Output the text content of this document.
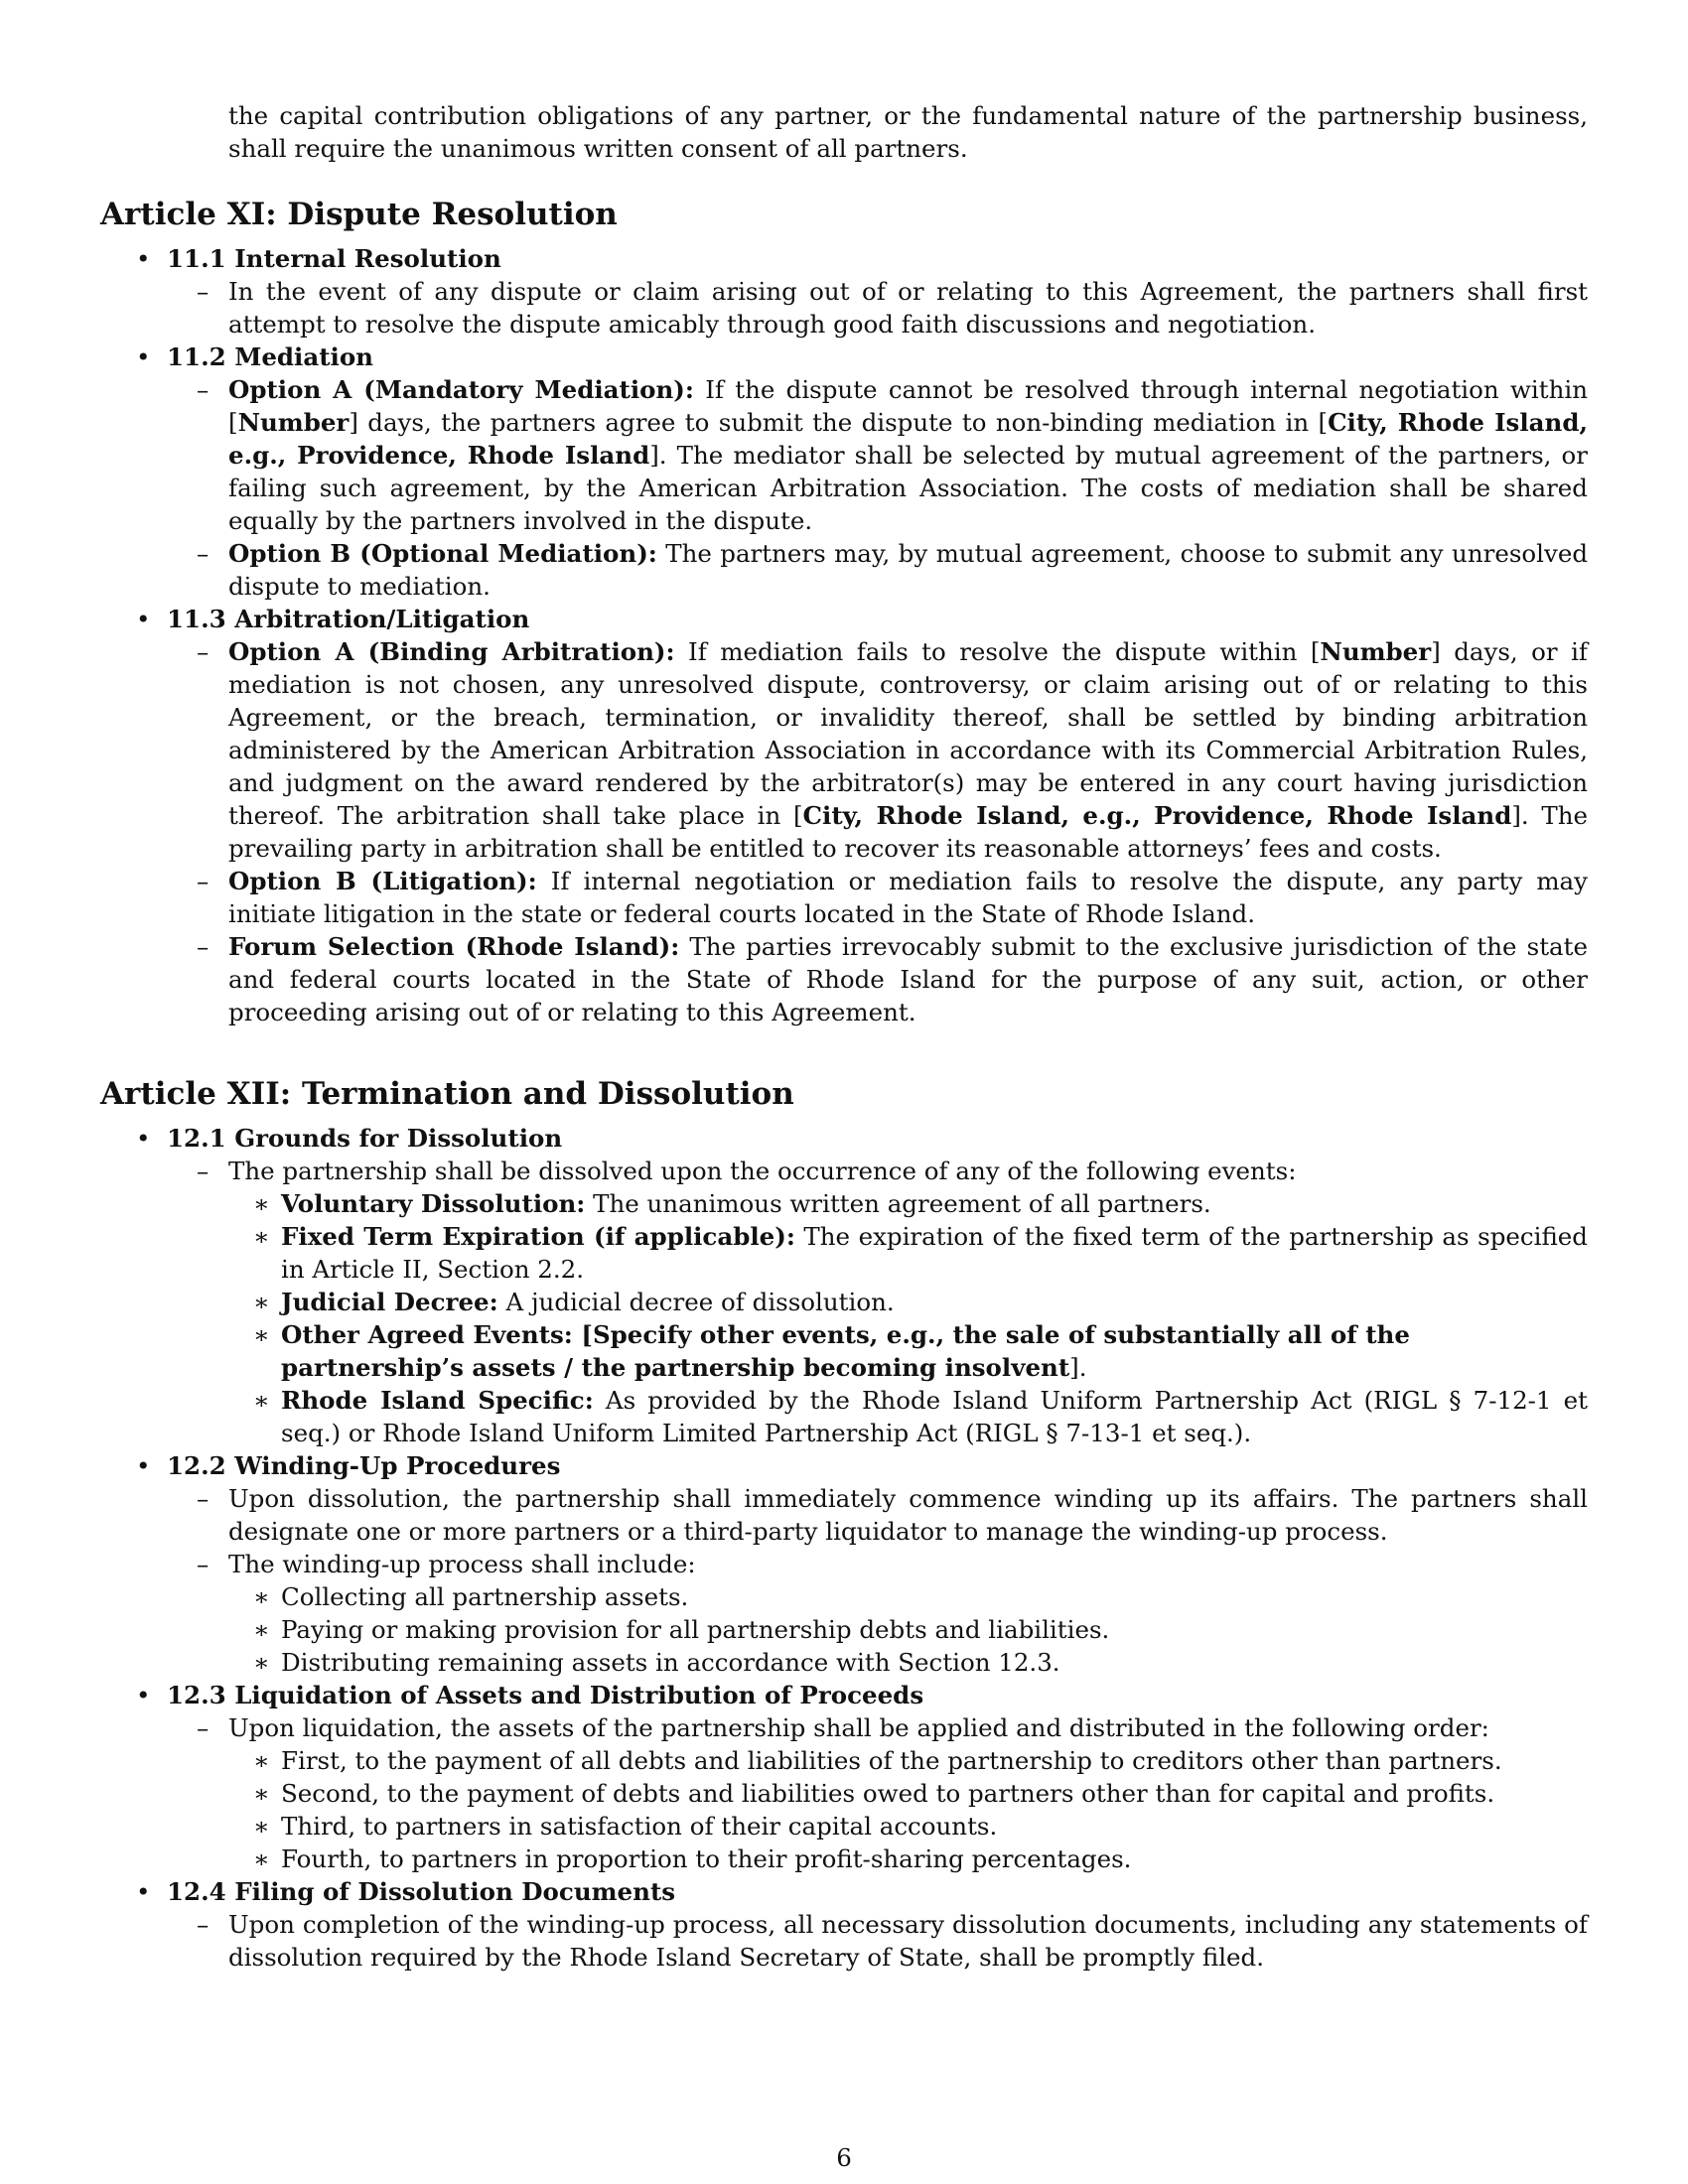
the capital contribution obligations of any partner, or the fundamental nature of the partnership business, shall require the unanimous written consent of all partners.
Article XI: Dispute Resolution
• 11.1 Internal Resolution
– In the event of any dispute or claim arising out of or relating to this Agreement, the partners shall first attempt to resolve the dispute amicably through good faith discussions and negotiation.
• 11.2 Mediation
– Option A (Mandatory Mediation): If the dispute cannot be resolved through internal negotiation within [Number] days, the partners agree to submit the dispute to non-binding mediation in [City, Rhode Island, e.g., Providence, Rhode Island]. The mediator shall be selected by mutual agreement of the partners, or failing such agreement, by the American Arbitration Association. The costs of mediation shall be shared equally by the partners involved in the dispute.
– Option B (Optional Mediation): The partners may, by mutual agreement, choose to submit any unresolved dispute to mediation.
• 11.3 Arbitration/Litigation
– Option A (Binding Arbitration): If mediation fails to resolve the dispute within [Number] days, or if mediation is not chosen, any unresolved dispute, controversy, or claim arising out of or relating to this Agreement, or the breach, termination, or invalidity thereof, shall be settled by binding arbitration administered by the American Arbitration Association in accordance with its Commercial Arbitration Rules, and judgment on the award rendered by the arbitrator(s) may be entered in any court having jurisdiction thereof. The arbitration shall take place in [City, Rhode Island, e.g., Providence, Rhode Island]. The prevailing party in arbitration shall be entitled to recover its reasonable attorneys’ fees and costs.
– Option B (Litigation): If internal negotiation or mediation fails to resolve the dispute, any party may initiate litigation in the state or federal courts located in the State of Rhode Island.
– Forum Selection (Rhode Island): The parties irrevocably submit to the exclusive jurisdiction of the state and federal courts located in the State of Rhode Island for the purpose of any suit, action, or other proceeding arising out of or relating to this Agreement.
Article XII: Termination and Dissolution
• 12.1 Grounds for Dissolution
– The partnership shall be dissolved upon the occurrence of any of the following events:
∗ Voluntary Dissolution: The unanimous written agreement of all partners.
∗ Fixed Term Expiration (if applicable): The expiration of the fixed term of the partnership as specified in Article II, Section 2.2.
∗ Judicial Decree: A judicial decree of dissolution.
∗ Other Agreed Events: [Specify other events, e.g., the sale of substantially all of the partnership’s assets / the partnership becoming insolvent].
∗ Rhode Island Specific: As provided by the Rhode Island Uniform Partnership Act (RIGL § 7-12-1 et seq.) or Rhode Island Uniform Limited Partnership Act (RIGL § 7-13-1 et seq.).
• 12.2 Winding-Up Procedures
– Upon dissolution, the partnership shall immediately commence winding up its affairs. The partners shall designate one or more partners or a third-party liquidator to manage the winding-up process.
– The winding-up process shall include:
∗ Collecting all partnership assets.
∗ Paying or making provision for all partnership debts and liabilities.
∗ Distributing remaining assets in accordance with Section 12.3.
• 12.3 Liquidation of Assets and Distribution of Proceeds
– Upon liquidation, the assets of the partnership shall be applied and distributed in the following order:
∗ First, to the payment of all debts and liabilities of the partnership to creditors other than partners.
∗ Second, to the payment of debts and liabilities owed to partners other than for capital and profits.
∗ Third, to partners in satisfaction of their capital accounts.
∗ Fourth, to partners in proportion to their profit-sharing percentages.
• 12.4 Filing of Dissolution Documents
– Upon completion of the winding-up process, all necessary dissolution documents, including any statements of dissolution required by the Rhode Island Secretary of State, shall be promptly filed.
6
